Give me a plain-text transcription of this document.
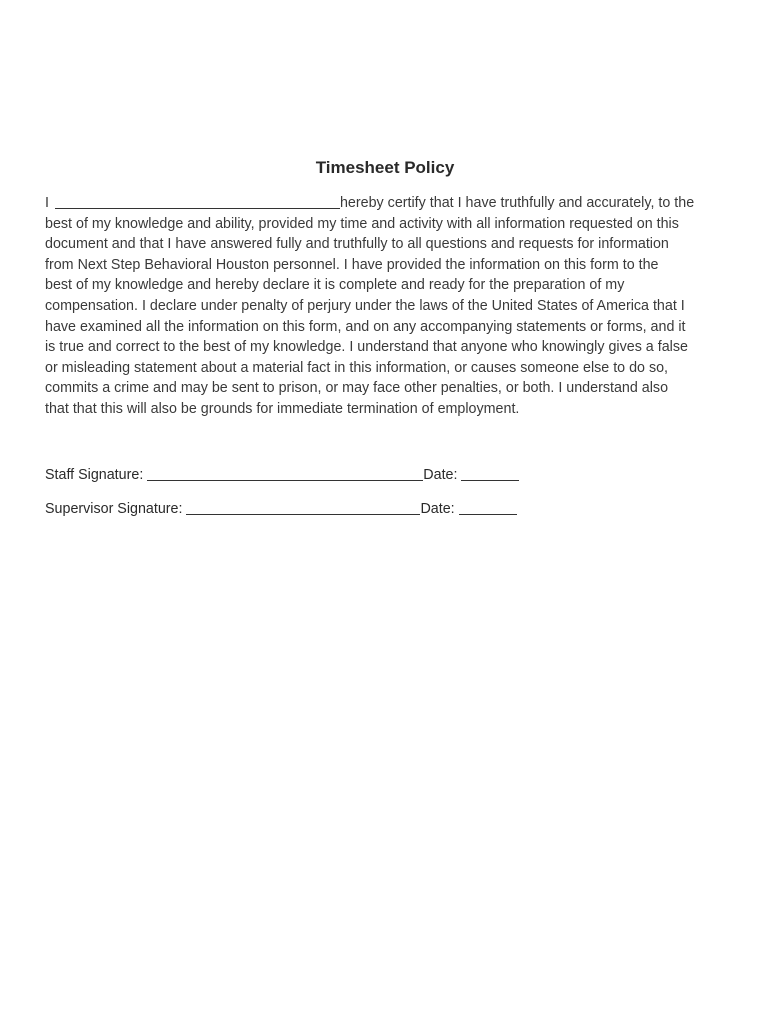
Timesheet Policy
I	hereby certify that I have truthfully and accurately, to the
best of my knowledge and ability, provided my time and activity with all information requested on this
document and that I have answered fully and truthfully to all questions and requests for information
from Next Step Behavioral Houston personnel. I have provided the information on this form to the
best of my knowledge and hereby declare it is complete and ready for the preparation of my
compensation. I declare under penalty of perjury under the laws of the United States of America that I
have examined all the information on this form, and on any accompanying statements or forms, and it
is true and correct to the best of my knowledge. I understand that anyone who knowingly gives a false
or misleading statement about a material fact in this information, or causes someone else to do so,
commits a crime and may be sent to prison, or may face other penalties, or both. I understand also
that that this will also be grounds for immediate termination of employment.
Staff Signature:	Date:
Supervisor Signature:	Date:
